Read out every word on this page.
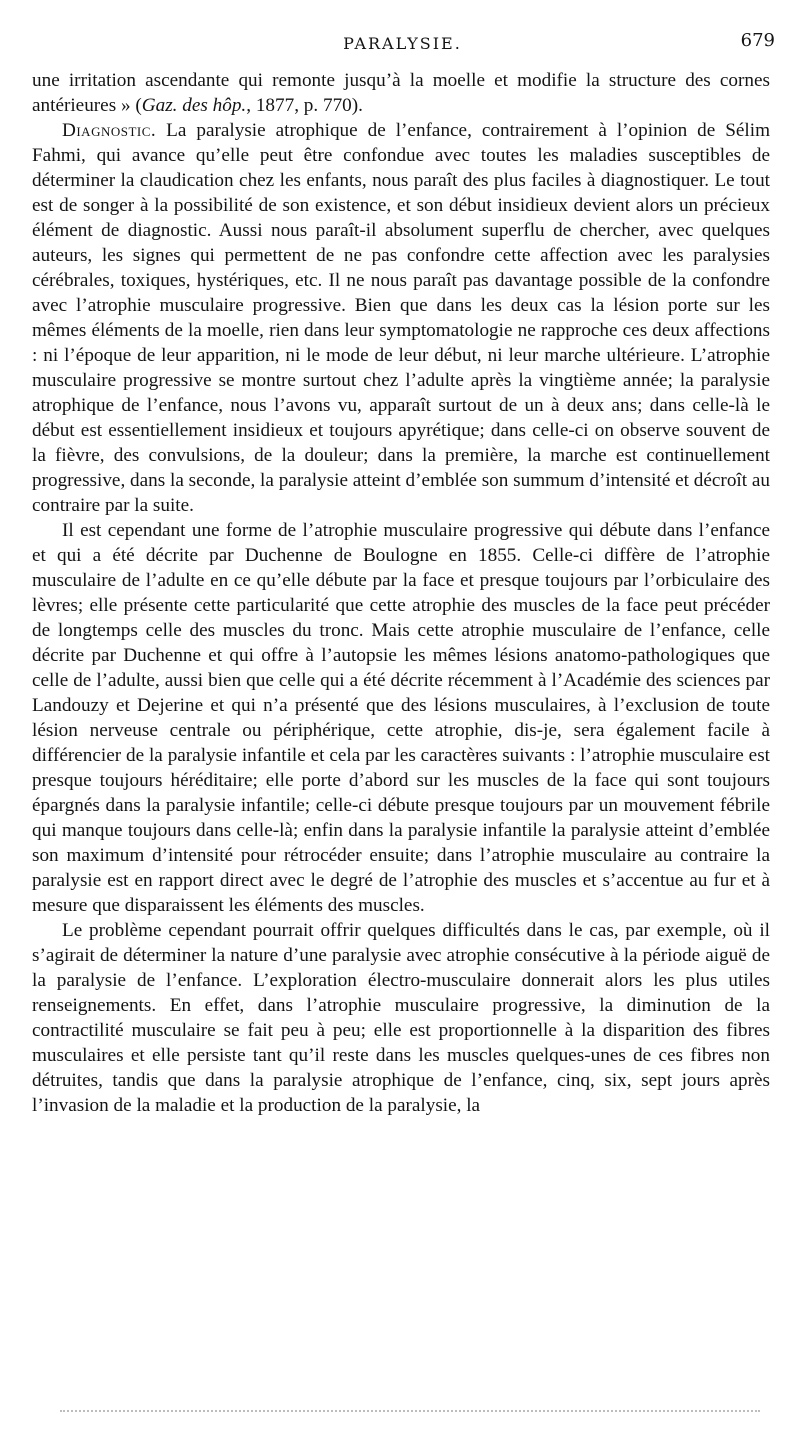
PARALYSIE.	679

une irritation ascendante qui remonte jusqu’à la moelle et modifie la structure des cornes antérieures » (Gaz. des hôp., 1877, p. 770).

Diagnostic. La paralysie atrophique de l’enfance, contrairement à l’opinion de Sélim Fahmi, qui avance qu’elle peut être confondue avec toutes les maladies susceptibles de déterminer la claudication chez les enfants, nous paraît des plus faciles à diagnostiquer. Le tout est de songer à la possibilité de son existence, et son début insidieux devient alors un précieux élément de diagnostic. Aussi nous paraît-il absolument superflu de chercher, avec quelques auteurs, les signes qui permettent de ne pas confondre cette affection avec les paralysies cérébrales, toxiques, hystériques, etc. Il ne nous paraît pas davantage possible de la confondre avec l’atrophie musculaire progressive. Bien que dans les deux cas la lésion porte sur les mêmes éléments de la moelle, rien dans leur symptomatologie ne rapproche ces deux affections : ni l’époque de leur apparition, ni le mode de leur début, ni leur marche ultérieure. L’atrophie musculaire progressive se montre surtout chez l’adulte après la vingtième année; la paralysie atrophique de l’enfance, nous l’avons vu, apparaît surtout de un à deux ans; dans celle-là le début est essentiellement insidieux et toujours apyrétique; dans celle-ci on observe souvent de la fièvre, des convulsions, de la douleur; dans la première, la marche est continuellement progressive, dans la seconde, la paralysie atteint d’emblée son summum d’intensité et décroît au contraire par la suite.

Il est cependant une forme de l’atrophie musculaire progressive qui débute dans l’enfance et qui a été décrite par Duchenne de Boulogne en 1855. Celle-ci diffère de l’atrophie musculaire de l’adulte en ce qu’elle débute par la face et presque toujours par l’orbiculaire des lèvres; elle présente cette particularité que cette atrophie des muscles de la face peut précéder de longtemps celle des muscles du tronc. Mais cette atrophie musculaire de l’enfance, celle décrite par Duchenne et qui offre à l’autopsie les mêmes lésions anatomo-pathologiques que celle de l’adulte, aussi bien que celle qui a été décrite récemment à l’Académie des sciences par Landouzy et Dejerine et qui n’a présenté que des lésions musculaires, à l’exclusion de toute lésion nerveuse centrale ou périphérique, cette atrophie, dis-je, sera également facile à différencier de la paralysie infantile et cela par les caractères suivants : l’atrophie musculaire est presque toujours héréditaire; elle porte d’abord sur les muscles de la face qui sont toujours épargnés dans la paralysie infantile; celle-ci débute presque toujours par un mouvement fébrile qui manque toujours dans celle-là; enfin dans la paralysie infantile la paralysie atteint d’emblée son maximum d’intensité pour rétrocéder ensuite; dans l’atrophie musculaire au contraire la paralysie est en rapport direct avec le degré de l’atrophie des muscles et s’accentue au fur et à mesure que disparaissent les éléments des muscles.

Le problème cependant pourrait offrir quelques difficultés dans le cas, par exemple, où il s’agirait de déterminer la nature d’une paralysie avec atrophie consécutive à la période aiguë de la paralysie de l’enfance. L’exploration électro-musculaire donnerait alors les plus utiles renseignements. En effet, dans l’atrophie musculaire progressive, la diminution de la contractilité musculaire se fait peu à peu; elle est proportionnelle à la disparition des fibres musculaires et elle persiste tant qu’il reste dans les muscles quelques-unes de ces fibres non détruites, tandis que dans la paralysie atrophique de l’enfance, cinq, six, sept jours après l’invasion de la maladie et la production de la paralysie, la
